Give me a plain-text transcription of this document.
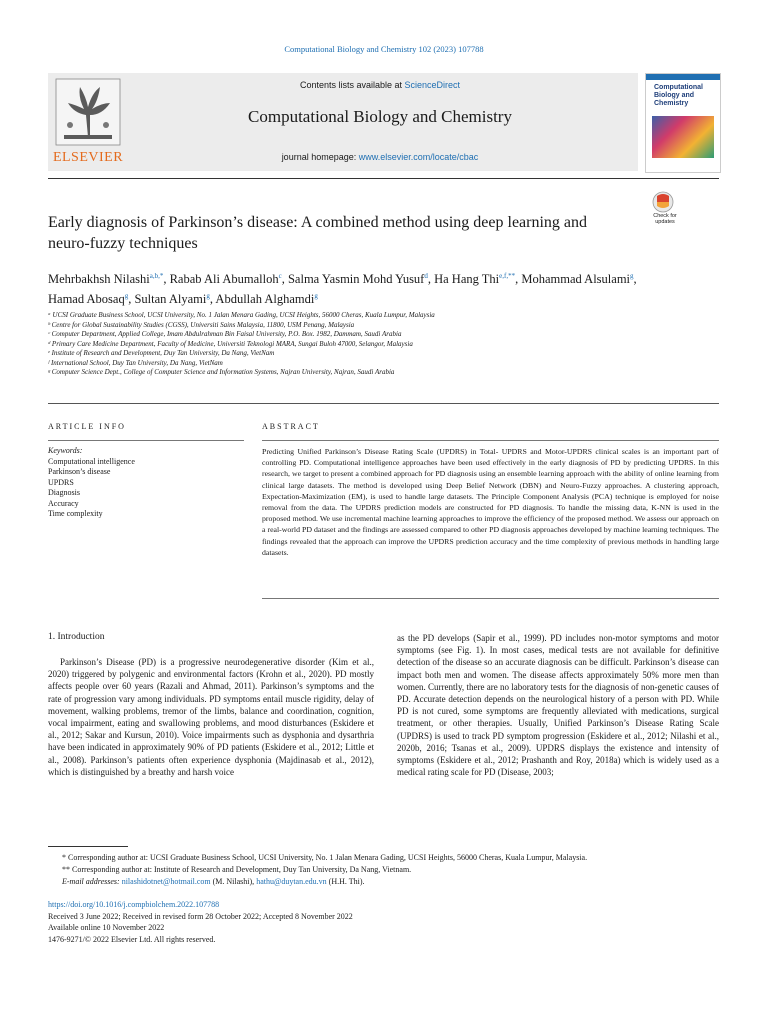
Computational Biology and Chemistry 102 (2023) 107788
ELSEVIER
Contents lists available at ScienceDirect
Computational Biology and Chemistry
journal homepage: www.elsevier.com/locate/cbac
Computational Biology and Chemistry
Early diagnosis of Parkinson’s disease: A combined method using deep learning and neuro-fuzzy techniques
Check for updates
Mehrbakhsh Nilashi$^{a,b,*}$, Rabab Ali Abumalloh$^c$, Salma Yasmin Mohd Yusuf$^d$, Ha Hang Thi$^{e,f,**}$, Mohammad Alsulami$^g$, Hamad Abosaq$^g$, Sultan Alyami$^g$, Abdullah Alghamdi$^g$
ᵃ UCSI Graduate Business School, UCSI University, No. 1 Jalan Menara Gading, UCSI Heights, 56000 Cheras, Kuala Lumpur, Malaysia
ᵇ Centre for Global Sustainability Studies (CGSS), Universiti Sains Malaysia, 11800, USM Penang, Malaysia
ᶜ Computer Department, Applied College, Imam Abdulrahman Bin Faisal University, P.O. Box. 1982, Dammam, Saudi Arabia
ᵈ Primary Care Medicine Department, Faculty of Medicine, Universiti Teknologi MARA, Sungai Buloh 47000, Selangor, Malaysia
ᵉ Institute of Research and Development, Duy Tan University, Da Nang, VietNam
ᶠ International School, Duy Tan University, Da Nang, VietNam
ᵍ Computer Science Dept., College of Computer Science and Information Systems, Najran University, Najran, Saudi Arabia
ARTICLE INFO	ABSTRACT
Keywords:
Computational intelligence
Parkinson’s disease
UPDRS
Diagnosis
Accuracy
Time complexity
Predicting Unified Parkinson’s Disease Rating Scale (UPDRS) in Total- UPDRS and Motor-UPDRS clinical scales is an important part of controlling PD. Computational intelligence approaches have been used effectively in the early diagnosis of PD by predicting UPDRS. In this research, we target to present a combined approach for PD diagnosis using an ensemble learning approach with the ability of online learning from clinical large datasets. The method is developed using Deep Belief Network (DBN) and Neuro-Fuzzy approaches. A clustering approach, Expectation-Maximization (EM), is used to handle large datasets. The Principle Component Analysis (PCA) technique is employed for noise removal from the data. The UPDRS prediction models are constructed for PD diagnosis. To handle the missing data, K-NN is used in the proposed method. We use incremental machine learning approaches to improve the efficiency of the proposed method. We assess our approach on a real-world PD dataset and the findings are assessed compared to other PD diagnosis approaches developed by machine learning techniques. The findings revealed that the approach can improve the UPDRS prediction accuracy and the time complexity of previous methods in handling large datasets.
1. Introduction
Parkinson’s Disease (PD) is a progressive neurodegenerative disorder (Kim et al., 2020) triggered by polygenic and environmental factors (Krohn et al., 2020). PD mostly affects people over 60 years (Razali and Ahmad, 2011). Parkinson’s symptoms and the rate of progression vary among individuals. PD symptoms entail muscle rigidity, delay of movement, walking problems, tremor of the limbs, balance and coordination, cognition, vocal impairment, eating and swallowing problems, and mood disturbances (Eskidere et al., 2012; Sakar and Kursun, 2010). Voice impairments such as dysphonia and dysarthria have been indicated in approximately 90% of PD patients (Eskidere et al., 2012; Little et al., 2008). Parkinson’s patients often experience dysphonia (Majdinasab et al., 2012), which is distinguished by a breathy and harsh voice
as the PD develops (Sapir et al., 1999). PD includes non-motor symptoms and motor symptoms (see Fig. 1). In most cases, medical tests are not available for definitive detection of the disease so an accurate diagnosis can be difficult. Parkinson’s disease can impact both men and women. The disease affects approximately 50% more men than women. Currently, there are no laboratory tests for the diagnosis of non-genetic causes of PD. Accurate detection depends on the neurological history of a person with PD. While PD is not cured, some symptoms are frequently alleviated with medications, surgical treatment, or other therapies. Usually, Unified Parkinson’s Disease Rating Scale (UPDRS) is used to track PD symptom progression (Eskidere et al., 2012; Nilashi et al., 2020b, 2016; Tsanas et al., 2009). UPDRS displays the existence and intensity of symptoms (Eskidere et al., 2012; Prashanth and Roy, 2018a) which is widely used as a medical rating scale for PD (Disease, 2003;
* Corresponding author at: UCSI Graduate Business School, UCSI University, No. 1 Jalan Menara Gading, UCSI Heights, 56000 Cheras, Kuala Lumpur, Malaysia.
** Corresponding author at: Institute of Research and Development, Duy Tan University, Da Nang, Vietnam.
E-mail addresses: nilashidotnet@hotmail.com (M. Nilashi), hathu@duytan.edu.vn (H.H. Thi).
https://doi.org/10.1016/j.compbiolchem.2022.107788
Received 3 June 2022; Received in revised form 28 October 2022; Accepted 8 November 2022
Available online 10 November 2022
1476-9271/© 2022 Elsevier Ltd. All rights reserved.
